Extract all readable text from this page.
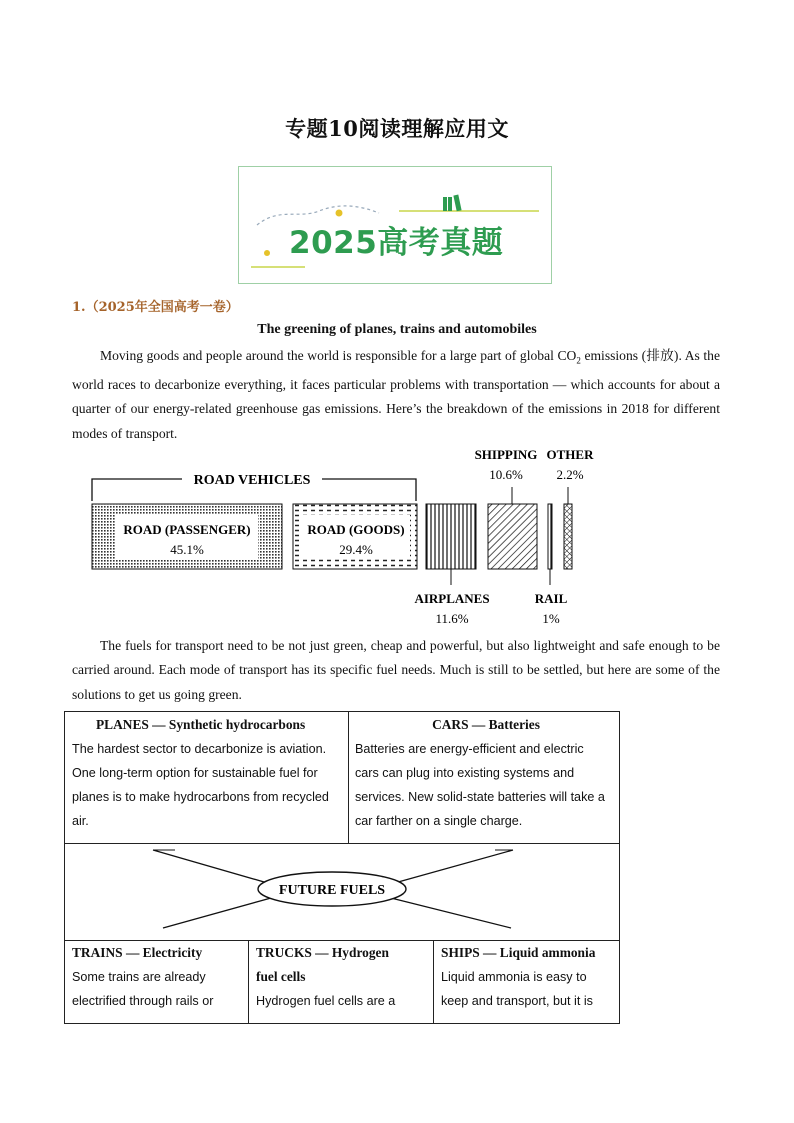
专题10阅读理解应用文
2025高考真题
1.（2025年全国高考一卷）
The greening of planes, trains and automobiles

Moving goods and people around the world is responsible for a large part of global $CO_2$ emissions (排放). As the world races to decarbonize everything, it faces particular problems with transportation — which accounts for about a quarter of our energy-related greenhouse gas emissions. Here’s the breakdown of the emissions in 2018 for different modes of transport.

ROAD VEHICLES
ROAD (PASSENGER)
45.1%
ROAD (GOODS)
29.4%
AIRPLANES
11.6%
SHIPPING
10.6%
RAIL
1%
OTHER
2.2%

The fuels for transport need to be not just green, cheap and powerful, but also lightweight and safe enough to be carried around. Each mode of transport has its specific fuel needs. Much is still to be settled, but here are some of the solutions to get us going green.

PLANES — Synthetic hydrocarbons
The hardest sector to decarbonize is aviation.
One long-term option for sustainable fuel for
planes is to make hydrocarbons from recycled
air.
CARS — Batteries
Batteries are energy-efficient and electric
cars can plug into existing systems and
services. New solid-state batteries will take a
car farther on a single charge.
FUTURE FUELS
TRAINS — Electricity
Some trains are already
electrified through rails or
TRUCKS — Hydrogen
fuel cells
Hydrogen fuel cells are a
SHIPS — Liquid ammonia
Liquid ammonia is easy to
keep and transport, but it is
